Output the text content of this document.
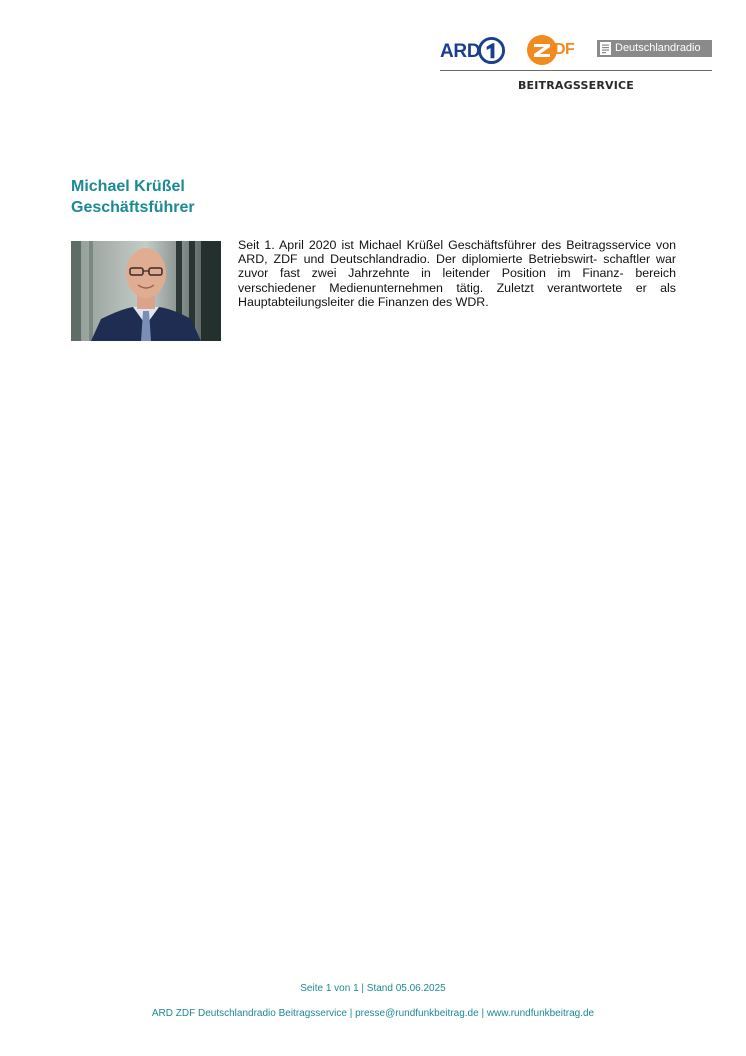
ARD	DF	Deutschlandradio
BEITRAGSSERVICE
Michael Krüßel
Geschäftsführer

Seit 1. April 2020 ist Michael Krüßel Geschäftsführer des Beitragsservice von ARD, ZDF und Deutschlandradio. Der diplomierte Betriebswirt- schaftler war zuvor fast zwei Jahrzehnte in leitender Position im Finanz- bereich verschiedener Medienunternehmen tätig. Zuletzt verantwortete er als Hauptabteilungsleiter die Finanzen des WDR.

Seite 1 von 1 | Stand 05.06.2025
ARD ZDF Deutschlandradio Beitragsservice | presse@rundfunkbeitrag.de | www.rundfunkbeitrag.de
